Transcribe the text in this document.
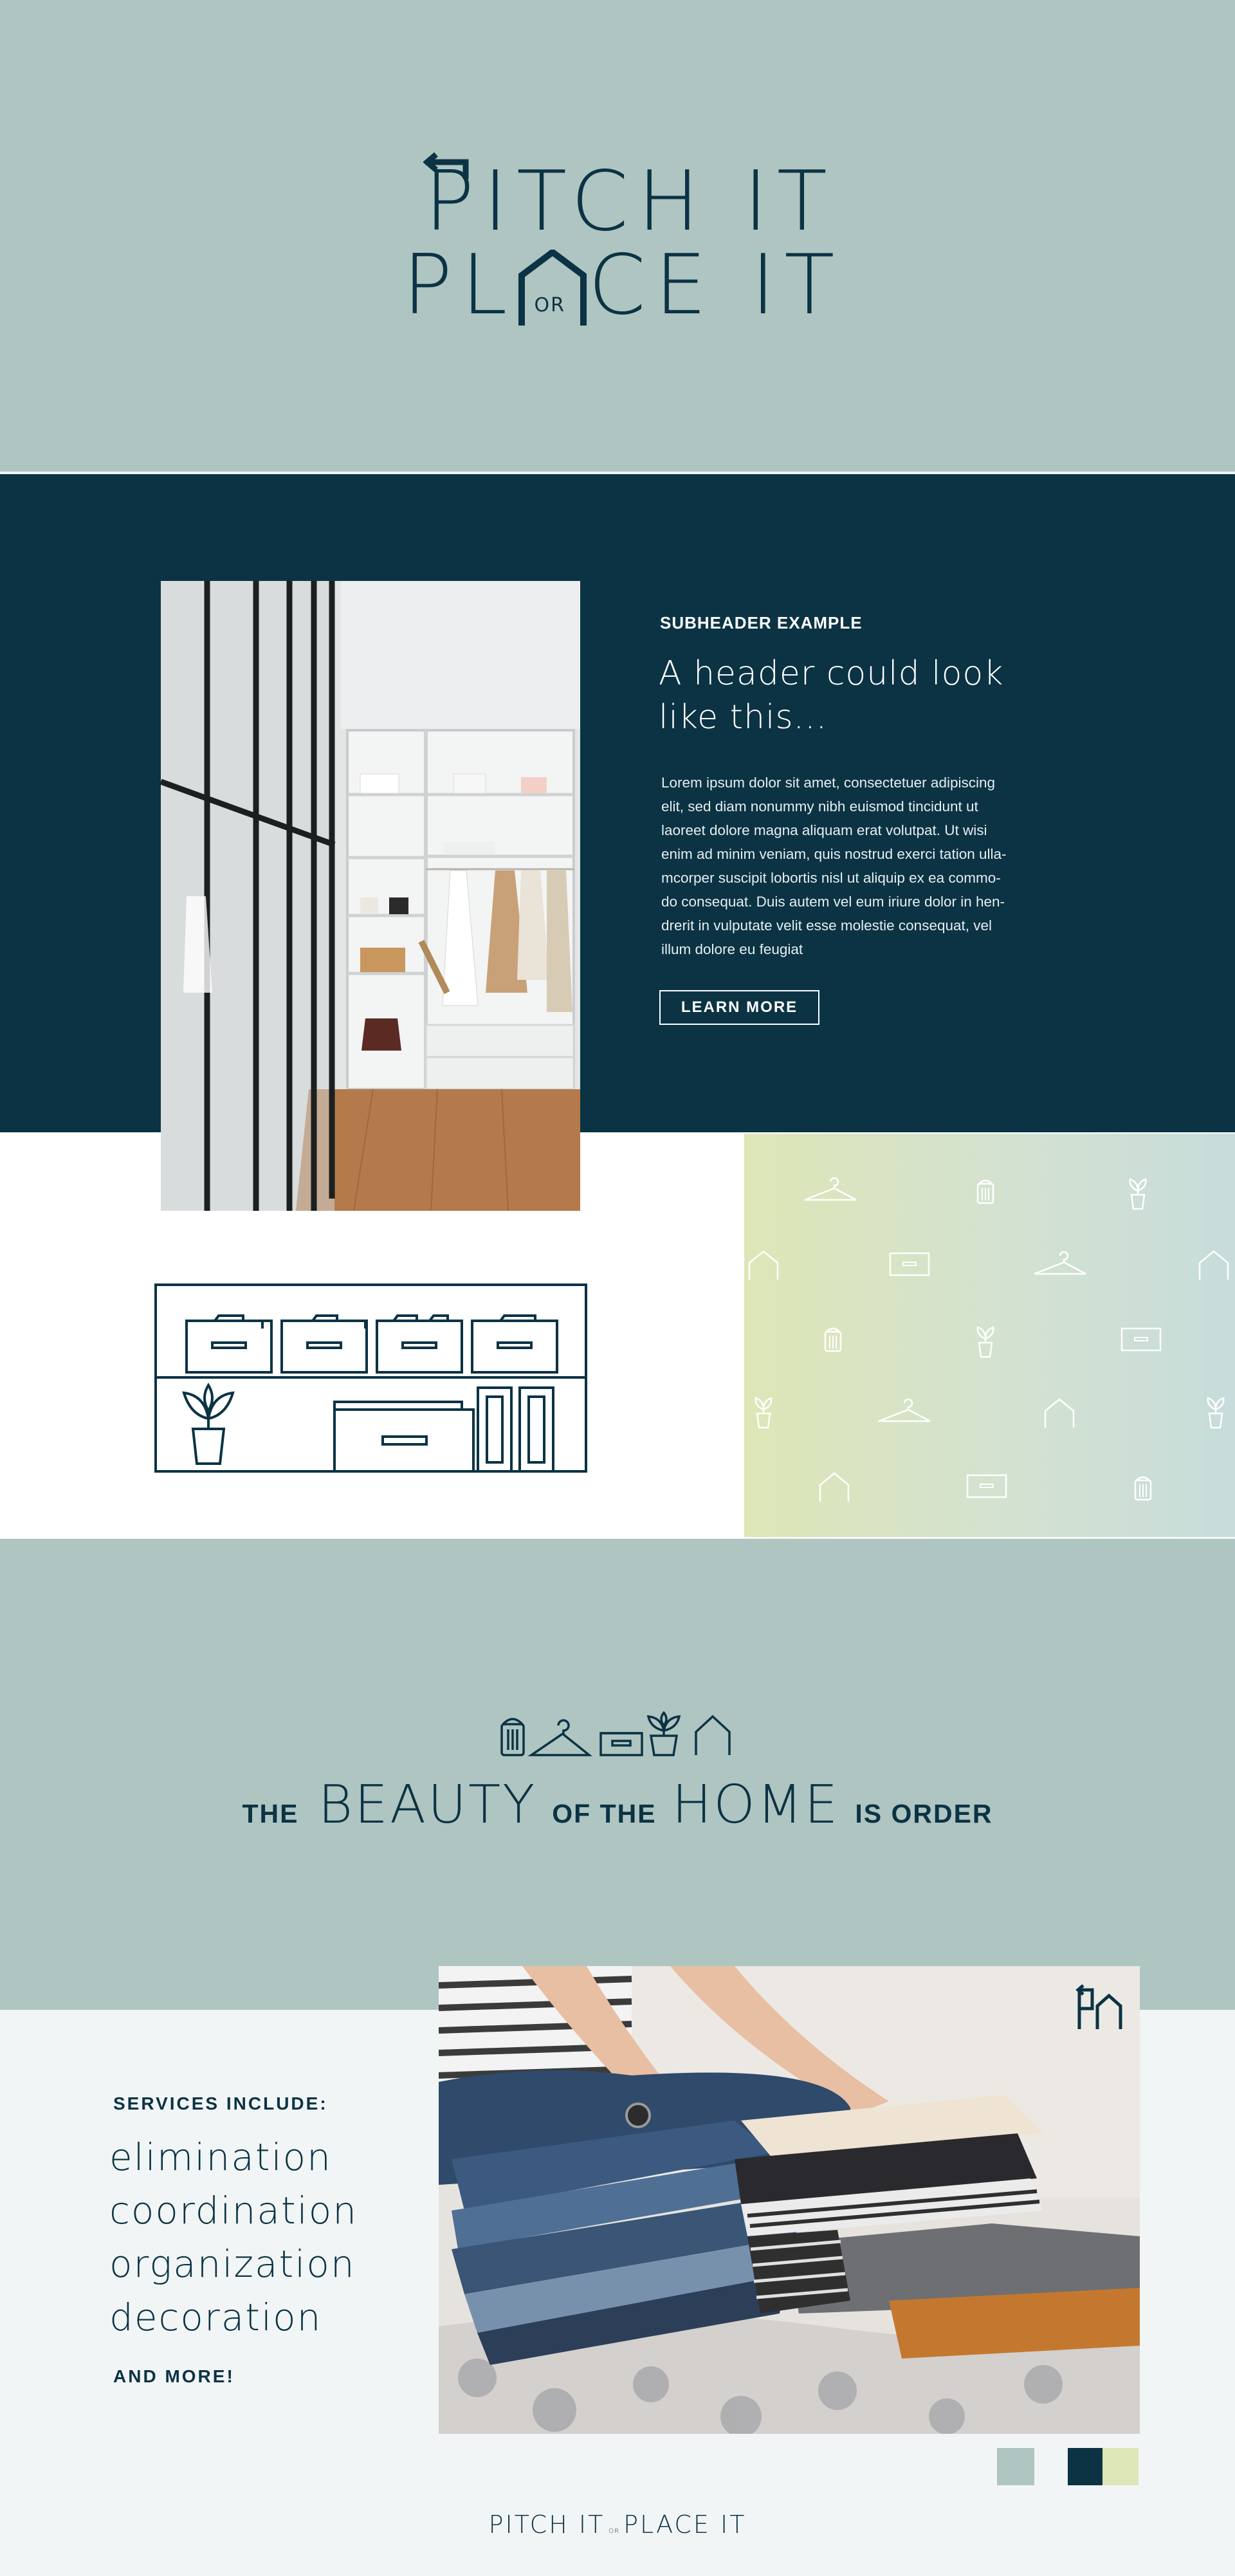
PITCH IT
PL OR CE IT
SUBHEADER EXAMPLE
A header could look
like this...
Lorem ipsum dolor sit amet, consectetuer adipiscing
elit, sed diam nonummy nibh euismod tincidunt ut
laoreet dolore magna aliquam erat volutpat. Ut wisi
enim ad minim veniam, quis nostrud exerci tation ulla-
mcorper suscipit lobortis nisl ut aliquip ex ea commo-
do consequat. Duis autem vel eum iriure dolor in hen-
drerit in vulputate velit esse molestie consequat, vel
illum dolore eu feugiat
LEARN MORE
THE BEAUTY OF THE HOME IS ORDER
SERVICES INCLUDE:
elimination
coordination
organization
decoration
AND MORE!
PITCH IT OR PLACE IT
